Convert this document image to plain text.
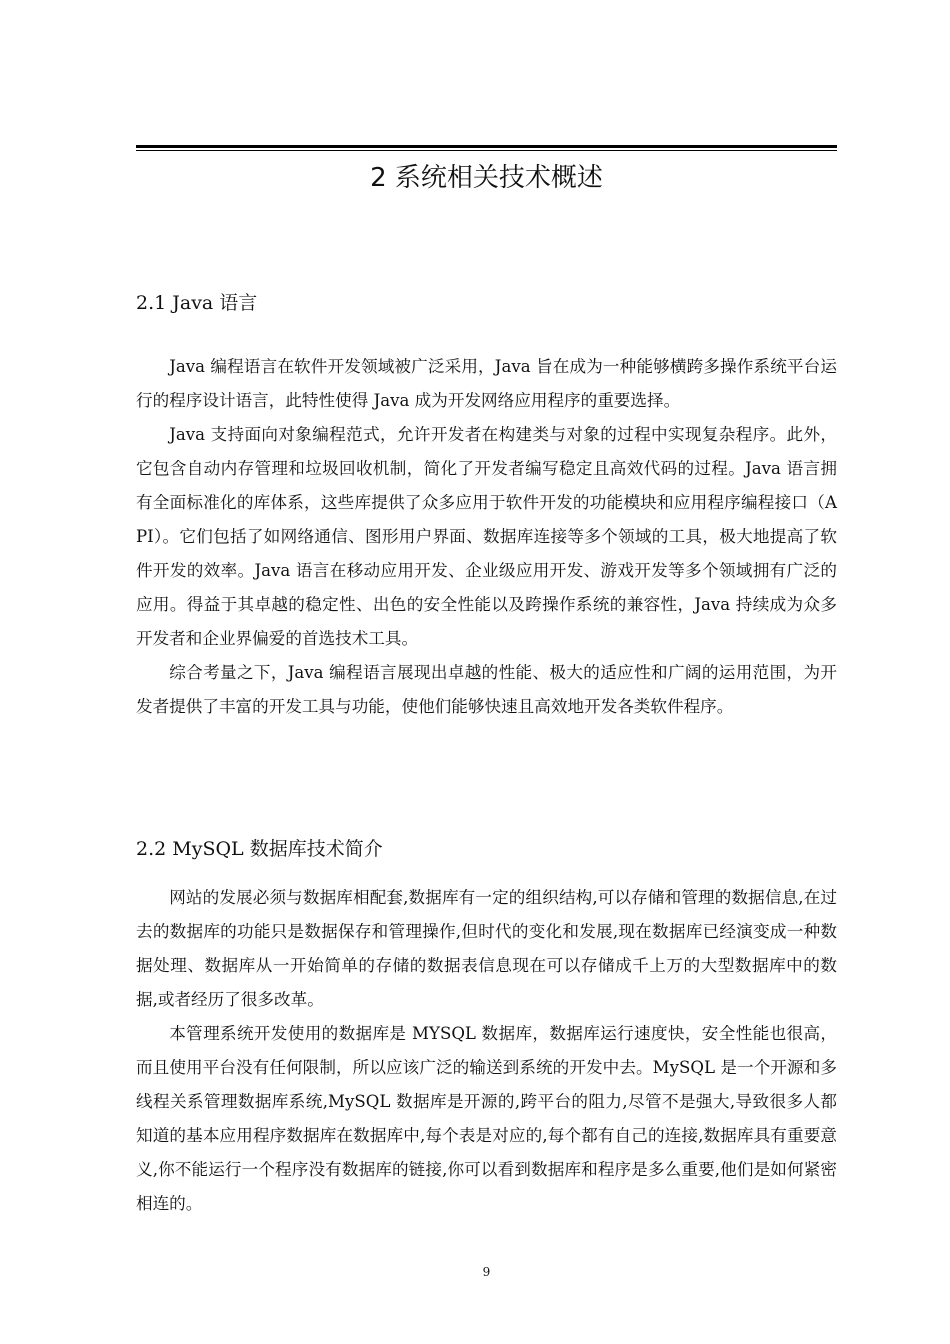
2 系统相关技术概述
2.1 Java 语言

Java 编程语言在软件开发领域被广泛采用，Java 旨在成为一种能够横跨多操作系统平台运行的程序设计语言，此特性使得 Java 成为开发网络应用程序的重要选择。

Java 支持面向对象编程范式，允许开发者在构建类与对象的过程中实现复杂程序。此外，它包含自动内存管理和垃圾回收机制，简化了开发者编写稳定且高效代码的过程。Java 语言拥有全面标准化的库体系，这些库提供了众多应用于软件开发的功能模块和应用程序编程接口（API）。它们包括了如网络通信、图形用户界面、数据库连接等多个领域的工具，极大地提高了软件开发的效率。Java 语言在移动应用开发、企业级应用开发、游戏开发等多个领域拥有广泛的应用。得益于其卓越的稳定性、出色的安全性能以及跨操作系统的兼容性，Java 持续成为众多开发者和企业界偏爱的首选技术工具。

综合考量之下，Java 编程语言展现出卓越的性能、极大的适应性和广阔的运用范围，为开发者提供了丰富的开发工具与功能，使他们能够快速且高效地开发各类软件程序。

2.2 MySQL 数据库技术简介

网站的发展必须与数据库相配套,数据库有一定的组织结构,可以存储和管理的数据信息,在过去的数据库的功能只是数据保存和管理操作,但时代的变化和发展,现在数据库已经演变成一种数据处理、数据库从一开始简单的存储的数据表信息现在可以存储成千上万的大型数据库中的数据,或者经历了很多改革。

本管理系统开发使用的数据库是 MYSQL 数据库，数据库运行速度快，安全性能也很高，而且使用平台没有任何限制，所以应该广泛的输送到系统的开发中去。MySQL 是一个开源和多线程关系管理数据库系统,MySQL 数据库是开源的,跨平台的阻力,尽管不是强大,导致很多人都知道的基本应用程序数据库在数据库中,每个表是对应的,每个都有自己的连接,数据库具有重要意义,你不能运行一个程序没有数据库的链接,你可以看到数据库和程序是多么重要,他们是如何紧密相连的。

9
